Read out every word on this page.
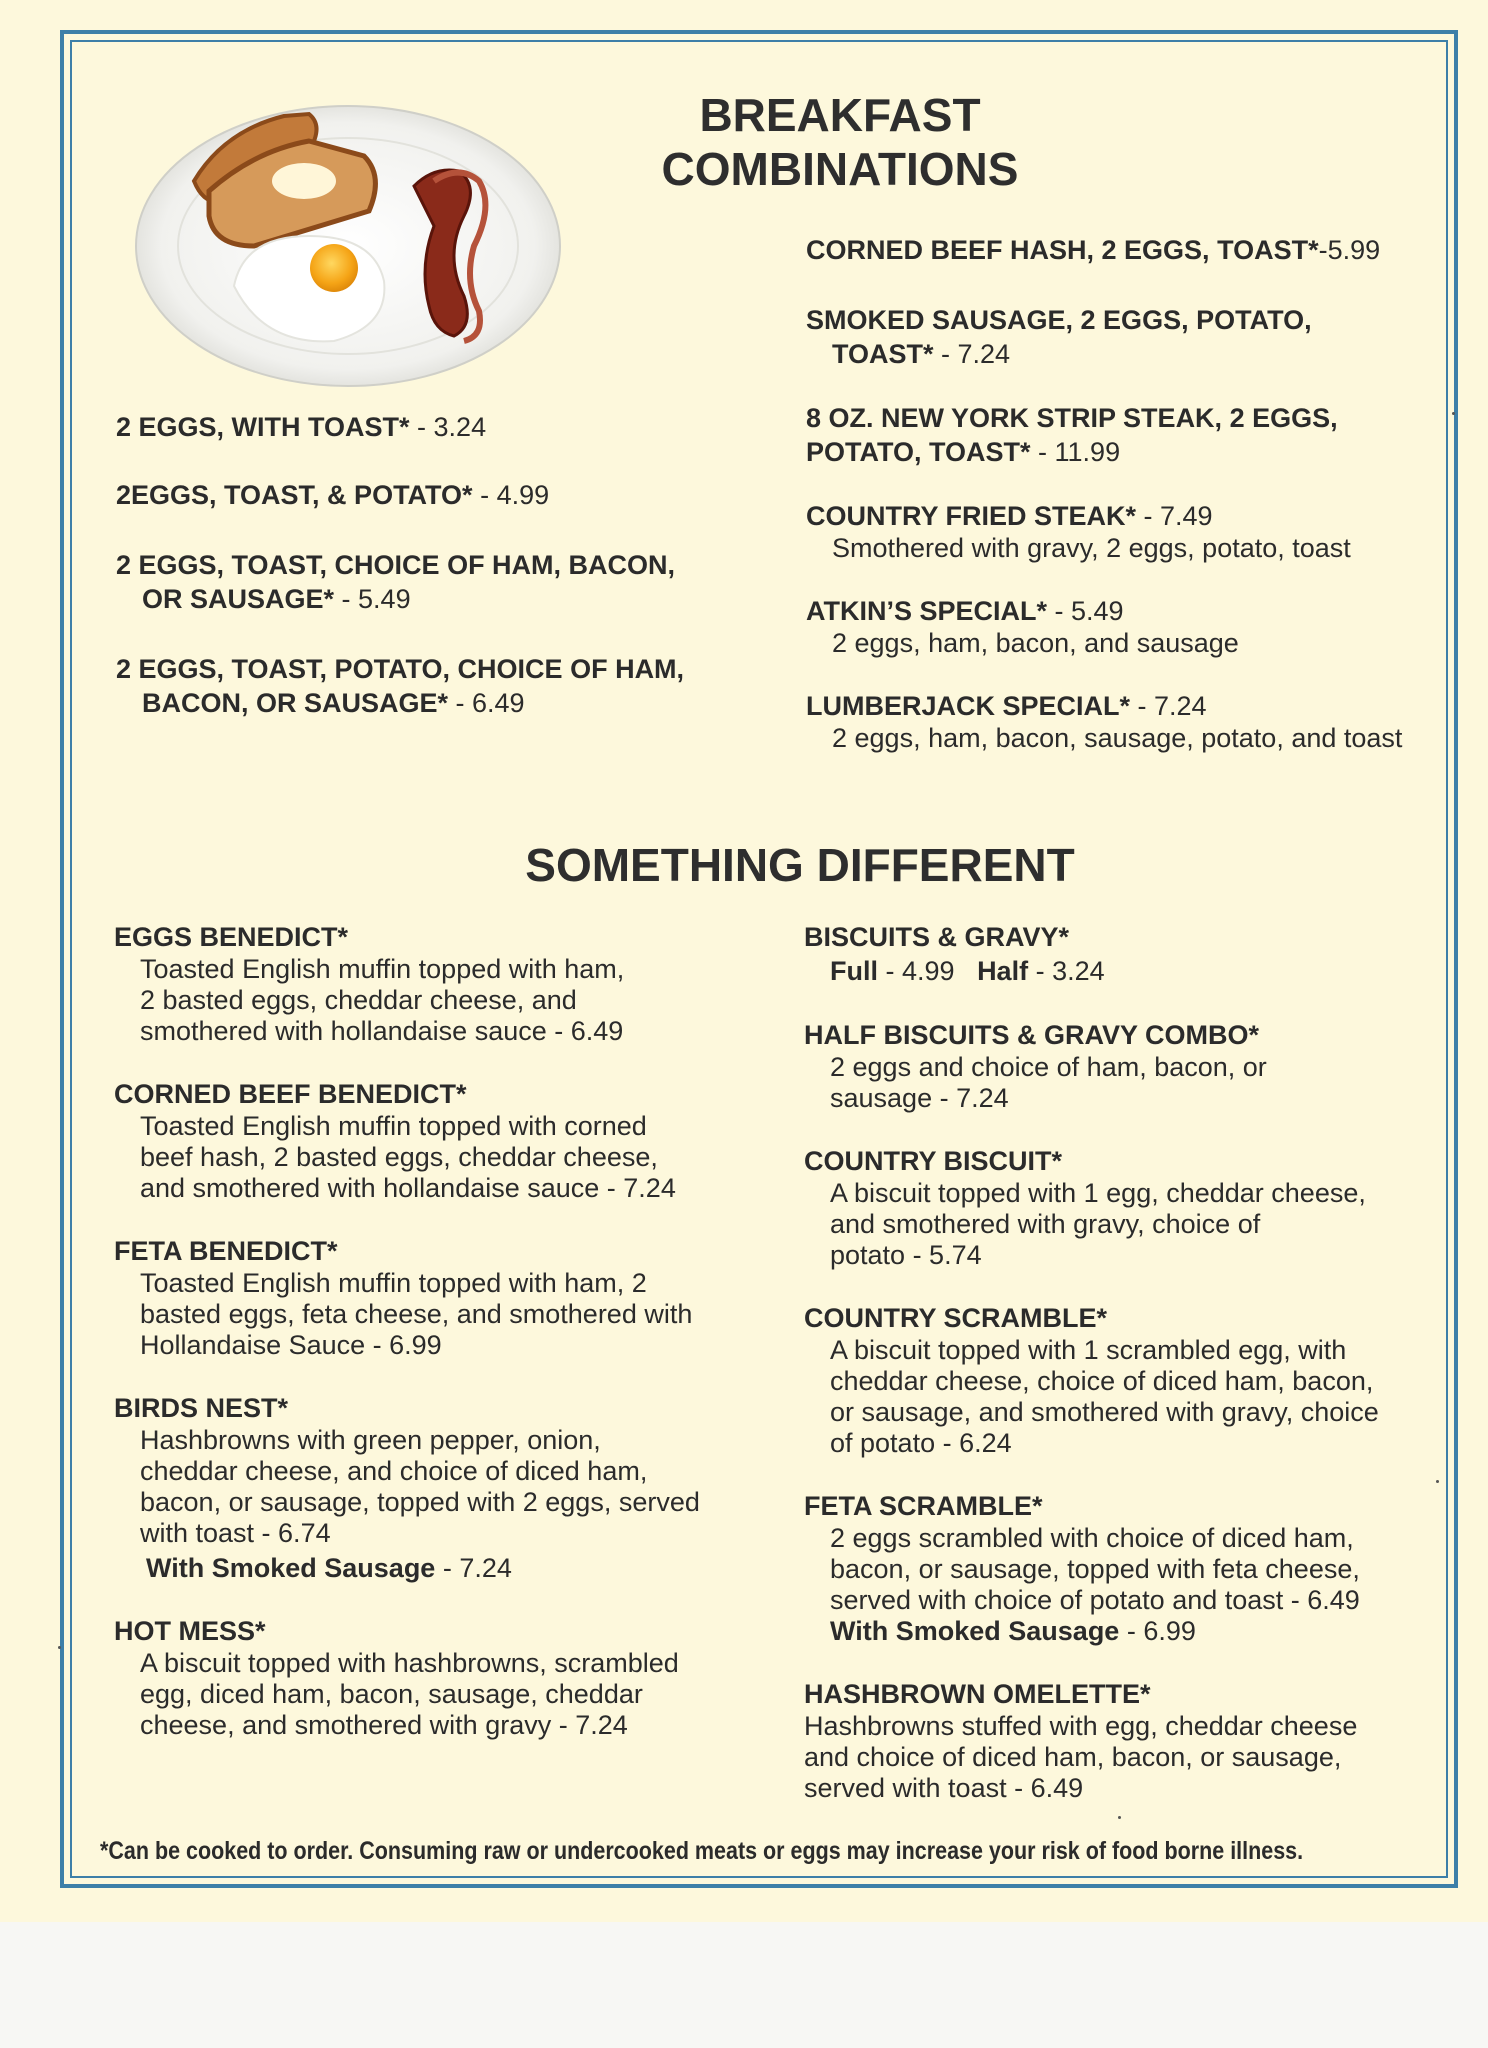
BREAKFAST
COMBINATIONS
2 EGGS, WITH TOAST* - 3.24
2EGGS, TOAST, & POTATO* - 4.99
2 EGGS, TOAST, CHOICE OF HAM, BACON,
OR SAUSAGE* - 5.49
2 EGGS, TOAST, POTATO, CHOICE OF HAM,
BACON, OR SAUSAGE* - 6.49
CORNED BEEF HASH, 2 EGGS, TOAST*-5.99
SMOKED SAUSAGE, 2 EGGS, POTATO,
TOAST* - 7.24
8 OZ. NEW YORK STRIP STEAK, 2 EGGS,
POTATO, TOAST* - 11.99
COUNTRY FRIED STEAK* - 7.49
Smothered with gravy, 2 eggs, potato, toast
ATKIN’S SPECIAL* - 5.49
2 eggs, ham, bacon, and sausage
LUMBERJACK SPECIAL* - 7.24
2 eggs, ham, bacon, sausage, potato, and toast
SOMETHING DIFFERENT
EGGS BENEDICT*
Toasted English muffin topped with ham,
2 basted eggs, cheddar cheese, and
smothered with hollandaise sauce - 6.49
CORNED BEEF BENEDICT*
Toasted English muffin topped with corned
beef hash, 2 basted eggs, cheddar cheese,
and smothered with hollandaise sauce - 7.24
FETA BENEDICT*
Toasted English muffin topped with ham, 2
basted eggs, feta cheese, and smothered with
Hollandaise Sauce - 6.99
BIRDS NEST*
Hashbrowns with green pepper, onion,
cheddar cheese, and choice of diced ham,
bacon, or sausage, topped with 2 eggs, served
with toast - 6.74
With Smoked Sausage - 7.24
HOT MESS*
A biscuit topped with hashbrowns, scrambled
egg, diced ham, bacon, sausage, cheddar
cheese, and smothered with gravy - 7.24
BISCUITS & GRAVY*
Full - 4.99 Half - 3.24
HALF BISCUITS & GRAVY COMBO*
2 eggs and choice of ham, bacon, or
sausage - 7.24
COUNTRY BISCUIT*
A biscuit topped with 1 egg, cheddar cheese,
and smothered with gravy, choice of
potato - 5.74
COUNTRY SCRAMBLE*
A biscuit topped with 1 scrambled egg, with
cheddar cheese, choice of diced ham, bacon,
or sausage, and smothered with gravy, choice
of potato - 6.24
FETA SCRAMBLE*
2 eggs scrambled with choice of diced ham,
bacon, or sausage, topped with feta cheese,
served with choice of potato and toast - 6.49
With Smoked Sausage - 6.99
HASHBROWN OMELETTE*
Hashbrowns stuffed with egg, cheddar cheese
and choice of diced ham, bacon, or sausage,
served with toast - 6.49
*Can be cooked to order. Consuming raw or undercooked meats or eggs may increase your risk of food borne illness.
